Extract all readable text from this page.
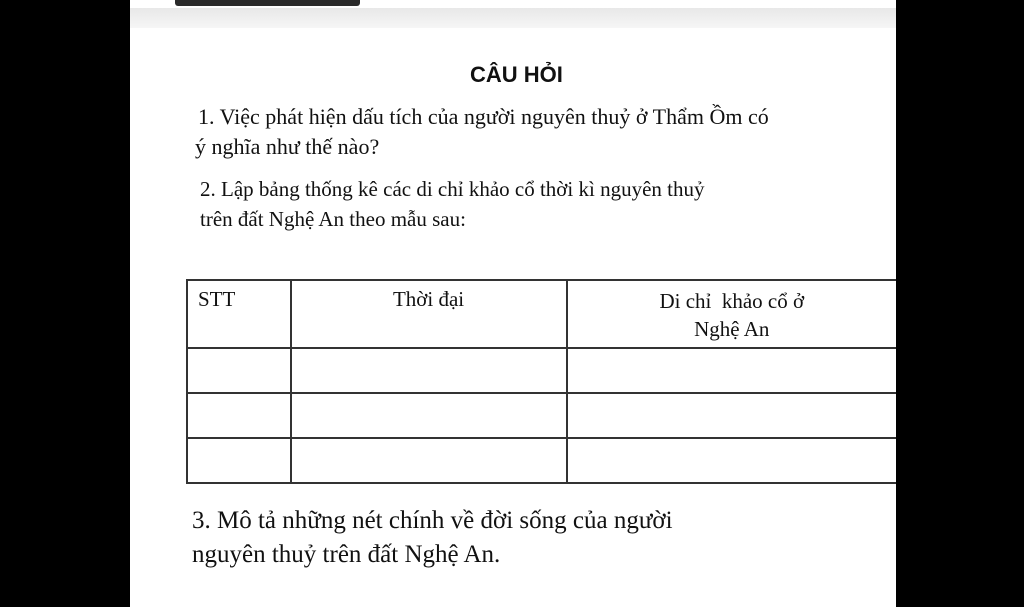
CÂU HỎI
1. Việc phát hiện dấu tích của người nguyên thuỷ ở Thẩm Ồm có
ý nghĩa như thế nào?
2. Lập bảng thống kê các di chỉ khảo cổ thời kì nguyên thuỷ
trên đất Nghệ An theo mẫu sau:
STT	Thời đại	Di chỉ  khảo cổ ở
Nghệ An

3. Mô tả những nét chính về đời sống của người
nguyên thuỷ trên đất Nghệ An.
